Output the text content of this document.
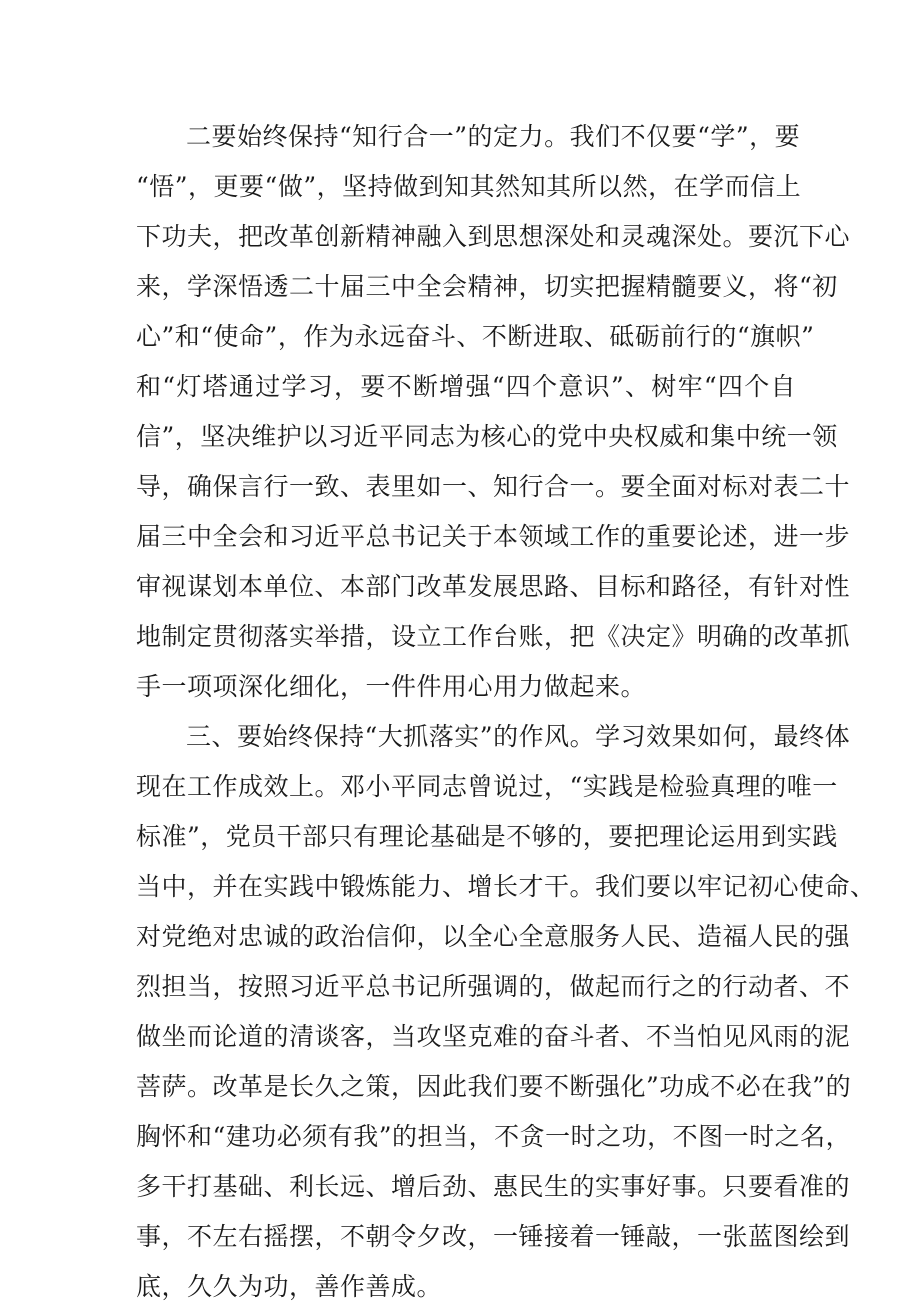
二要始终保持“知行合一”的定力。我们不仅要“学”，要
“悟”，更要“做”，坚持做到知其然知其所以然，在学而信上
下功夫，把改革创新精神融入到思想深处和灵魂深处。要沉下心
来，学深悟透二十届三中全会精神，切实把握精髓要义，将“初
心”和“使命”，作为永远奋斗、不断进取、砥砺前行的“旗帜”
和“灯塔通过学习，要不断增强“四个意识”、树牢“四个自
信”，坚决维护以习近平同志为核心的党中央权威和集中统一领
导，确保言行一致、表里如一、知行合一。要全面对标对表二十
届三中全会和习近平总书记关于本领域工作的重要论述，进一步
审视谋划本单位、本部门改革发展思路、目标和路径，有针对性
地制定贯彻落实举措，设立工作台账，把《决定》明确的改革抓
手一项项深化细化，一件件用心用力做起来。
三、要始终保持“大抓落实”的作风。学习效果如何，最终体
现在工作成效上。邓小平同志曾说过，“实践是检验真理的唯一
标准”，党员干部只有理论基础是不够的，要把理论运用到实践
当中，并在实践中锻炼能力、增长才干。我们要以牢记初心使命、
对党绝对忠诚的政治信仰，以全心全意服务人民、造福人民的强
烈担当，按照习近平总书记所强调的，做起而行之的行动者、不
做坐而论道的清谈客，当攻坚克难的奋斗者、不当怕见风雨的泥
菩萨。改革是长久之策，因此我们要不断强化”功成不必在我”的
胸怀和“建功必须有我”的担当，不贪一时之功，不图一时之名，
多干打基础、利长远、增后劲、惠民生的实事好事。只要看准的
事，不左右摇摆，不朝令夕改，一锤接着一锤敲，一张蓝图绘到
底，久久为功，善作善成。
